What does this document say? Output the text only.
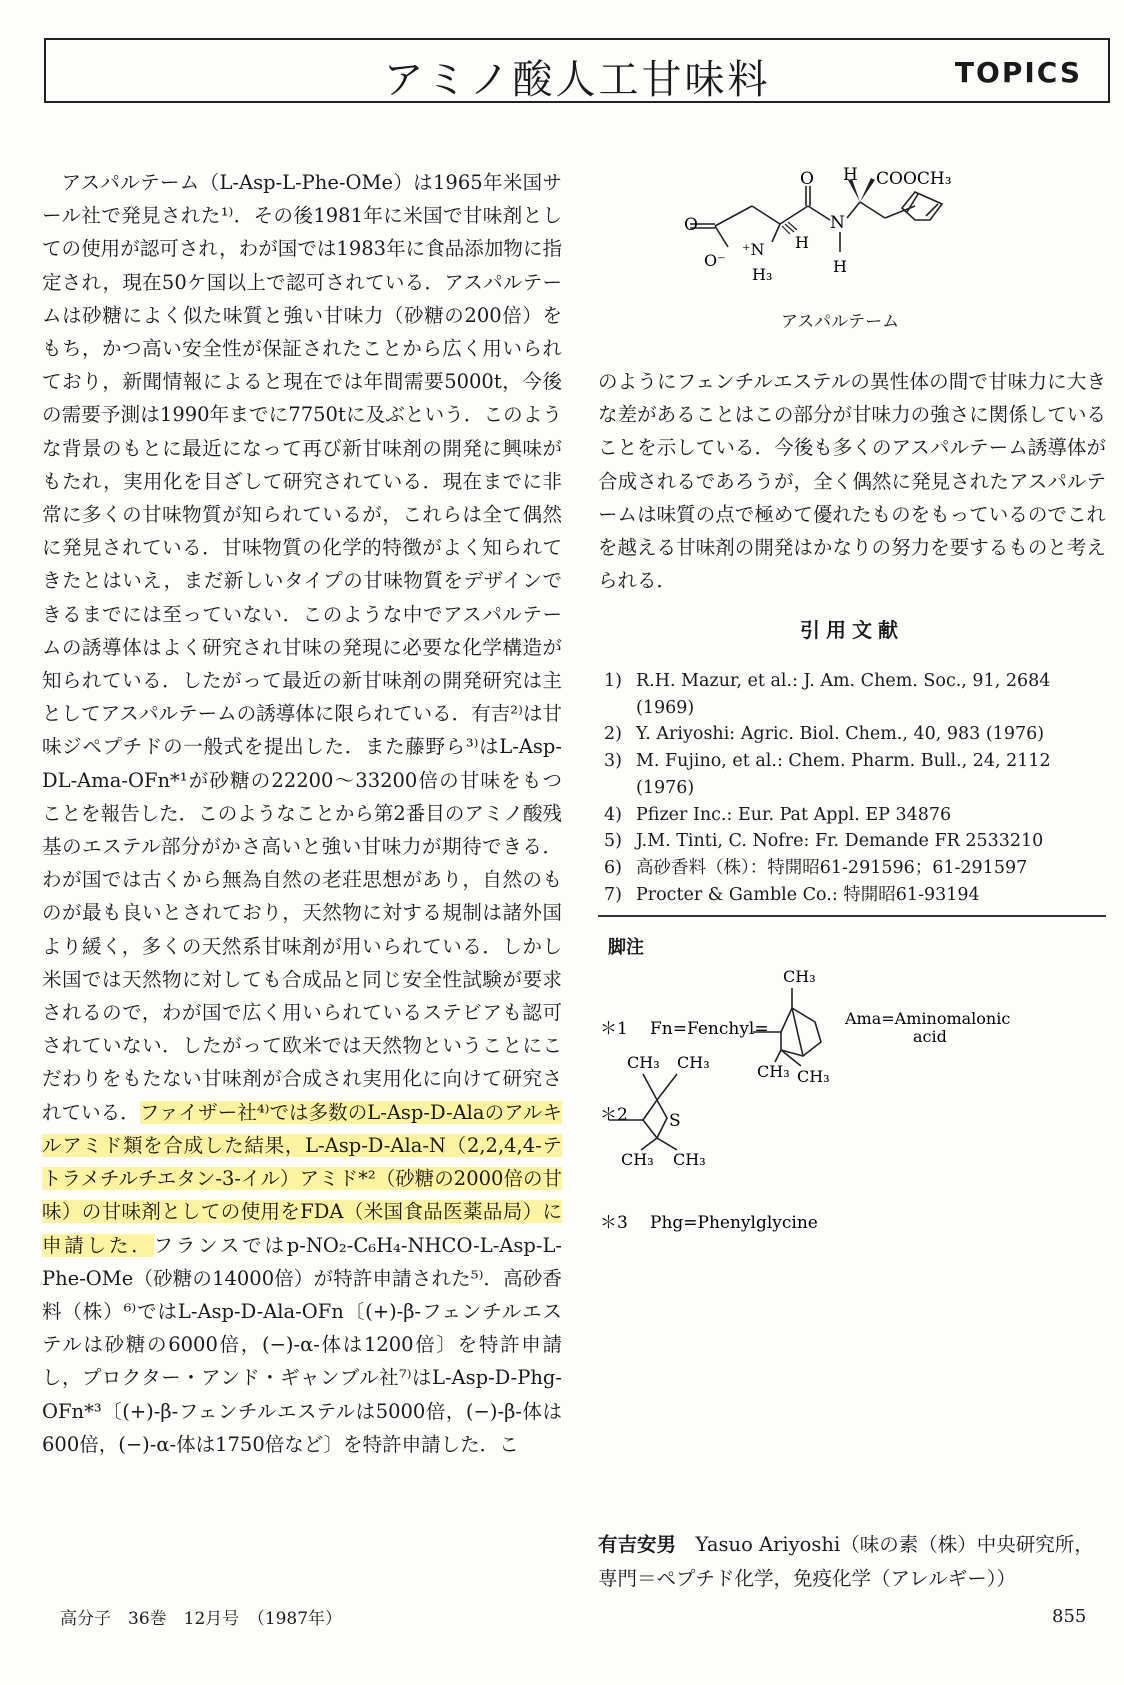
アミノ酸人工甘味料	TOPICS

アスパルテーム（L-Asp-L-Phe-OMe）は1965年米国サール社で発見された¹⁾．その後1981年に米国で甘味剤としての使用が認可され，わが国では1983年に食品添加物に指定され，現在50ケ国以上で認可されている．アスパルテームは砂糖によく似た味質と強い甘味力（砂糖の200倍）をもち，かつ高い安全性が保証されたことから広く用いられており，新聞情報によると現在では年間需要5000t，今後の需要予測は1990年までに7750tに及ぶという．このような背景のもとに最近になって再び新甘味剤の開発に興味がもたれ，実用化を目ざして研究されている．現在までに非常に多くの甘味物質が知られているが，これらは全て偶然に発見されている．甘味物質の化学的特徴がよく知られてきたとはいえ，まだ新しいタイプの甘味物質をデザインできるまでには至っていない．このような中でアスパルテームの誘導体はよく研究され甘味の発現に必要な化学構造が知られている．したがって最近の新甘味剤の開発研究は主としてアスパルテームの誘導体に限られている．有吉²⁾は甘味ジペプチドの一般式を提出した．また藤野ら³⁾はL-Asp-DL-Ama-OFn*¹が砂糖の22200〜33200倍の甘味をもつことを報告した．このようなことから第2番目のアミノ酸残基のエステル部分がかさ高いと強い甘味力が期待できる．わが国では古くから無為自然の老荘思想があり，自然のものが最も良いとされており，天然物に対する規制は諸外国より緩く，多くの天然系甘味剤が用いられている．しかし米国では天然物に対しても合成品と同じ安全性試験が要求されるので，わが国で広く用いられているステビアも認可されていない．したがって欧米では天然物ということにこだわりをもたない甘味剤が合成され実用化に向けて研究されている．ファイザー社⁴⁾では多数のL-Asp-D-Alaのアルキルアミド類を合成した結果，L-Asp-D-Ala-N（2,2,4,4-テトラメチルチエタン-3-イル）アミド*²（砂糖の2000倍の甘味）の甘味剤としての使用をFDA（米国食品医薬品局）に申請した．フランスではp-NO₂-C₆H₄-NHCO-L-Asp-L-Phe-OMe（砂糖の14000倍）が特許申請された⁵⁾．高砂香料（株）⁶⁾ではL-Asp-D-Ala-OFn〔(+)-β-フェンチルエステルは砂糖の6000倍，(−)-α-体は1200倍〕を特許申請し，プロクター・アンド・ギャンブル社⁷⁾はL-Asp-D-Phg-OFn*³〔(+)-β-フェンチルエステルは5000倍，(−)-β-体は600倍，(−)-α-体は1750倍など〕を特許申請した．こ

O
O H COOCH₃
N
H
H
O⁻
⁺N
H₃
アスパルテーム

のようにフェンチルエステルの異性体の間で甘味力に大きな差があることはこの部分が甘味力の強さに関係していることを示している．今後も多くのアスパルテーム誘導体が合成されるであろうが，全く偶然に発見されたアスパルテームは味質の点で極めて優れたものをもっているのでこれを越える甘味剤の開発はかなりの努力を要するものと考えられる．

引用文献
1) R.H. Mazur, et al.: J. Am. Chem. Soc., 91, 2684 (1969)
2) Y. Ariyoshi: Agric. Biol. Chem., 40, 983 (1976)
3) M. Fujino, et al.: Chem. Pharm. Bull., 24, 2112 (1976)
4) Pfizer Inc.: Eur. Pat Appl. EP 34876
5) J.M. Tinti, C. Nofre: Fr. Demande FR 2533210
6) 高砂香料（株）：特開昭61-291596；61-291597
7) Procter & Gamble Co.: 特開昭61-93194
脚注
＊1 Fn=Fenchyl=
CH₃
CH₃ CH₃
Ama=Aminomalonic
acid
＊2
CH₃ CH₃
CH₃ CH₃
S
＊3 Phg=Phenylglycine
有吉安男　 Yasuo Ariyoshi（味の素（株）中央研究所，専門＝ペプチド化学，免疫化学（アレルギー））
高分子　36巻　12月号　（1987年）	855
